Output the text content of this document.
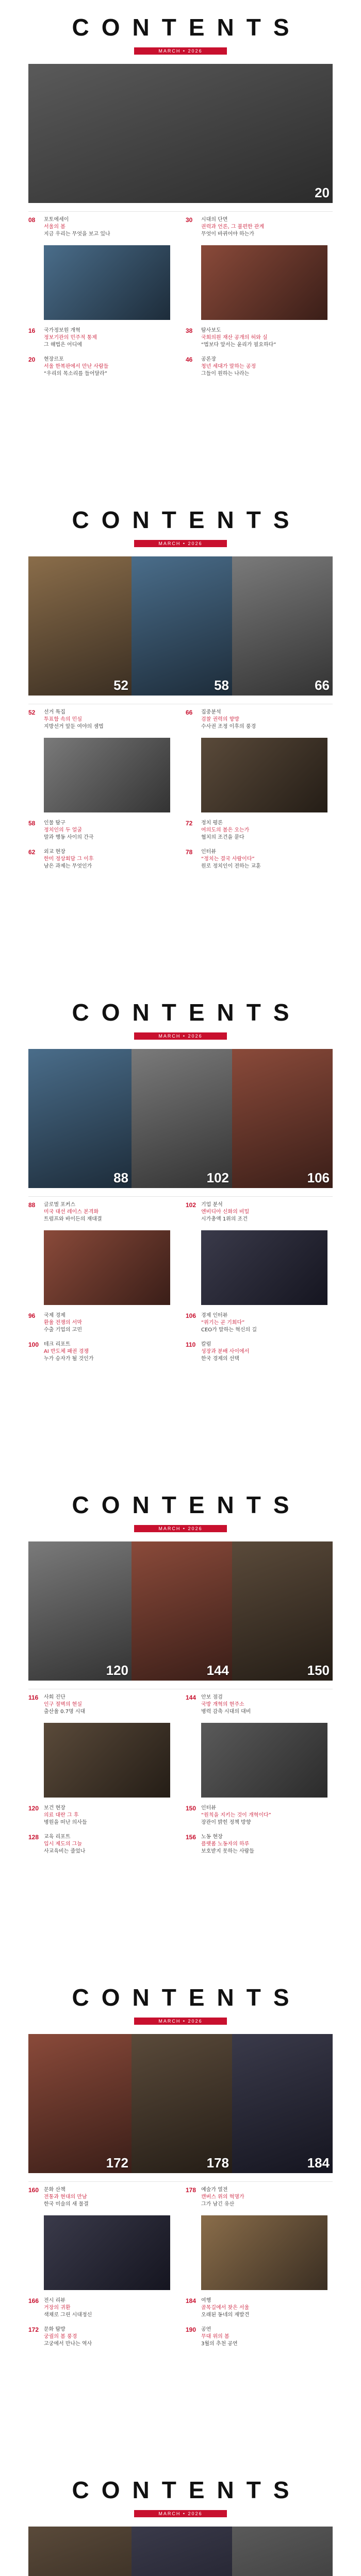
CONTENTS
MARCH • 2026
20
08	포토에세이
서울의 봄
지금 우리는 무엇을 보고 있나
16	국가정보원 개혁
정보기관의 민주적 통제
그 해법은 어디에
20	현장르포
서울 한복판에서 만난 사람들
“우리의 목소리를 들어달라”
30	시대의 단면
권력과 언론, 그 불편한 관계
무엇이 바뀌어야 하는가
38	탐사보도
국회의원 재산 공개의 허와 실
“법보다 앞서는 윤리가 필요하다”
46	공론장
청년 세대가 말하는 공정
그들이 원하는 나라는
CONTENTS
MARCH • 2026
52	58	66
52	선거 특집
투표함 속의 민심
지방선거 앞둔 여야의 셈법
58	인물 탐구
정치인의 두 얼굴
말과 행동 사이의 간극
62	외교 현장
한미 정상회담 그 이후
남은 과제는 무엇인가
66	집중분석
검찰 권력의 향방
수사권 조정 이후의 풍경
72	정치 평론
여의도의 봄은 오는가
협치의 조건을 묻다
78	인터뷰
“정치는 결국 사람이다”
원로 정치인이 전하는 교훈
CONTENTS
MARCH • 2026
88	102	106
88	글로벌 포커스
미국 대선 레이스 본격화
트럼프와 바이든의 재대결
96	국제 경제
환율 전쟁의 서막
수출 기업의 고민
100 테크 리포트
AI 반도체 패권 경쟁
누가 승자가 될 것인가
102 기업 분석
엔비디아 신화의 비밀
시가총액 1위의 조건
106 경제 인터뷰
“위기는 곧 기회다”
CEO가 말하는 혁신의 길
110	칼럼
성장과 분배 사이에서
한국 경제의 선택
CONTENTS
MARCH • 2026
120	144	150
116	사회 진단
인구 절벽의 현실
출산율 0.7명 시대
120 보건 현장
의료 대란 그 후
병원을 떠난 의사들
128 교육 리포트
입시 제도의 그늘
사교육비는 줄었나
144 안보 점검
국방 개혁의 현주소
병력 감축 시대의 대비
150 인터뷰
“원칙을 지키는 것이 개혁이다”
장관이 밝힌 정책 방향
156 노동 현장
플랫폼 노동자의 하루
보호받지 못하는 사람들
CONTENTS
MARCH • 2026
172	178	184
160 문화 산책
전통과 현대의 만남
한국 미술의 새 물결
166 전시 리뷰
거장의 귀환
색채로 그린 시대정신
172 문화 탐방
궁궐의 봄 풍경
고궁에서 만나는 역사
178 예술가 열전
캔버스 위의 혁명가
그가 남긴 유산
184 여행
골목길에서 찾은 서울
오래된 동네의 재발견
190 공연
무대 위의 봄
3월의 추천 공연
CONTENTS
MARCH • 2026
